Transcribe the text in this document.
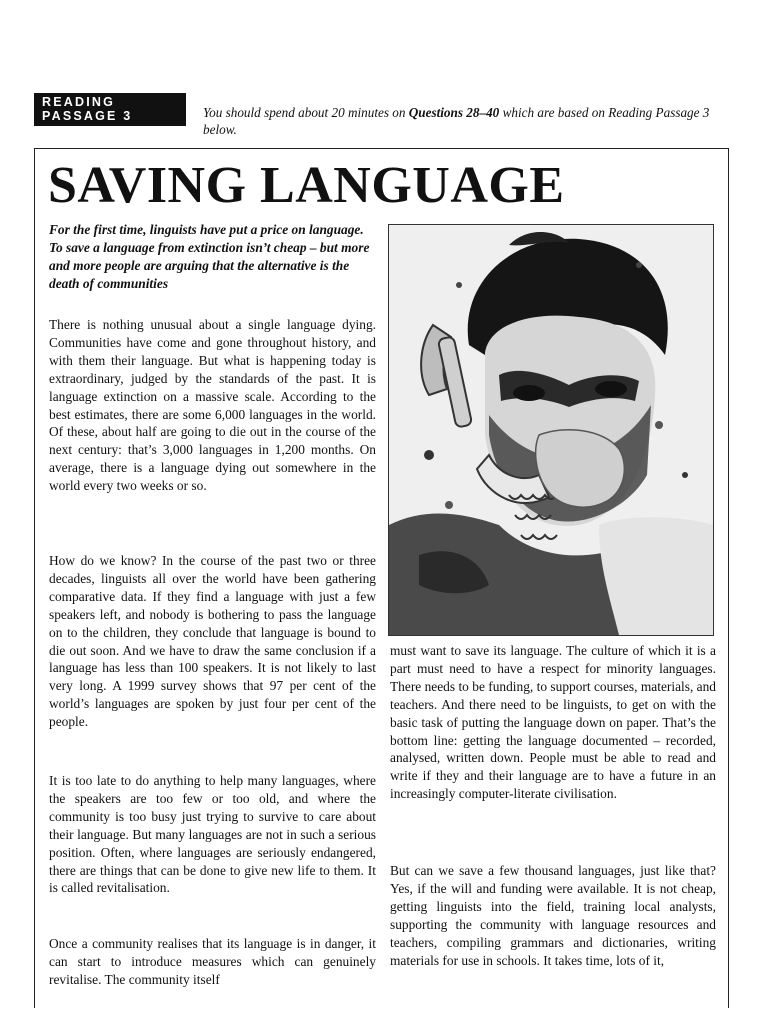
READING
PASSAGE 3	You should spend about 20 minutes on Questions 28–40 which are based on Reading Passage 3 below.

SAVING LANGUAGE

For the first time, linguists have put a price on language. To save a language from extinction isn’t cheap – but more and more people are arguing that the alternative is the death of communities

There is nothing unusual about a single language dying. Communities have come and gone throughout history, and with them their language. But what is happening today is extraordinary, judged by the standards of the past. It is language extinction on a massive scale. According to the best estimates, there are some 6,000 languages in the world. Of these, about half are going to die out in the course of the next century: that’s 3,000 languages in 1,200 months. On average, there is a language dying out somewhere in the world every two weeks or so.

How do we know? In the course of the past two or three decades, linguists all over the world have been gathering comparative data. If they find a language with just a few speakers left, and nobody is bothering to pass the language on to the children, they conclude that language is bound to die out soon. And we have to draw the same conclusion if a language has less than 100 speakers. It is not likely to last very long. A 1999 survey shows that 97 per cent of the world’s languages are spoken by just four per cent of the people.

It is too late to do anything to help many languages, where the speakers are too few or too old, and where the community is too busy just trying to survive to care about their language. But many languages are not in such a serious position. Often, where languages are seriously endangered, there are things that can be done to give new life to them. It is called revitalisation.

Once a community realises that its language is in danger, it can start to introduce measures which can genuinely revitalise. The community itself

must want to save its language. The culture of which it is a part must need to have a respect for minority languages. There needs to be funding, to support courses, materials, and teachers. And there need to be linguists, to get on with the basic task of putting the language down on paper. That’s the bottom line: getting the language documented – recorded, analysed, written down. People must be able to read and write if they and their language are to have a future in an increasingly computer-literate civilisation.

But can we save a few thousand languages, just like that? Yes, if the will and funding were available. It is not cheap, getting linguists into the field, training local analysts, supporting the community with language resources and teachers, compiling grammars and dictionaries, writing materials for use in schools. It takes time, lots of it,
